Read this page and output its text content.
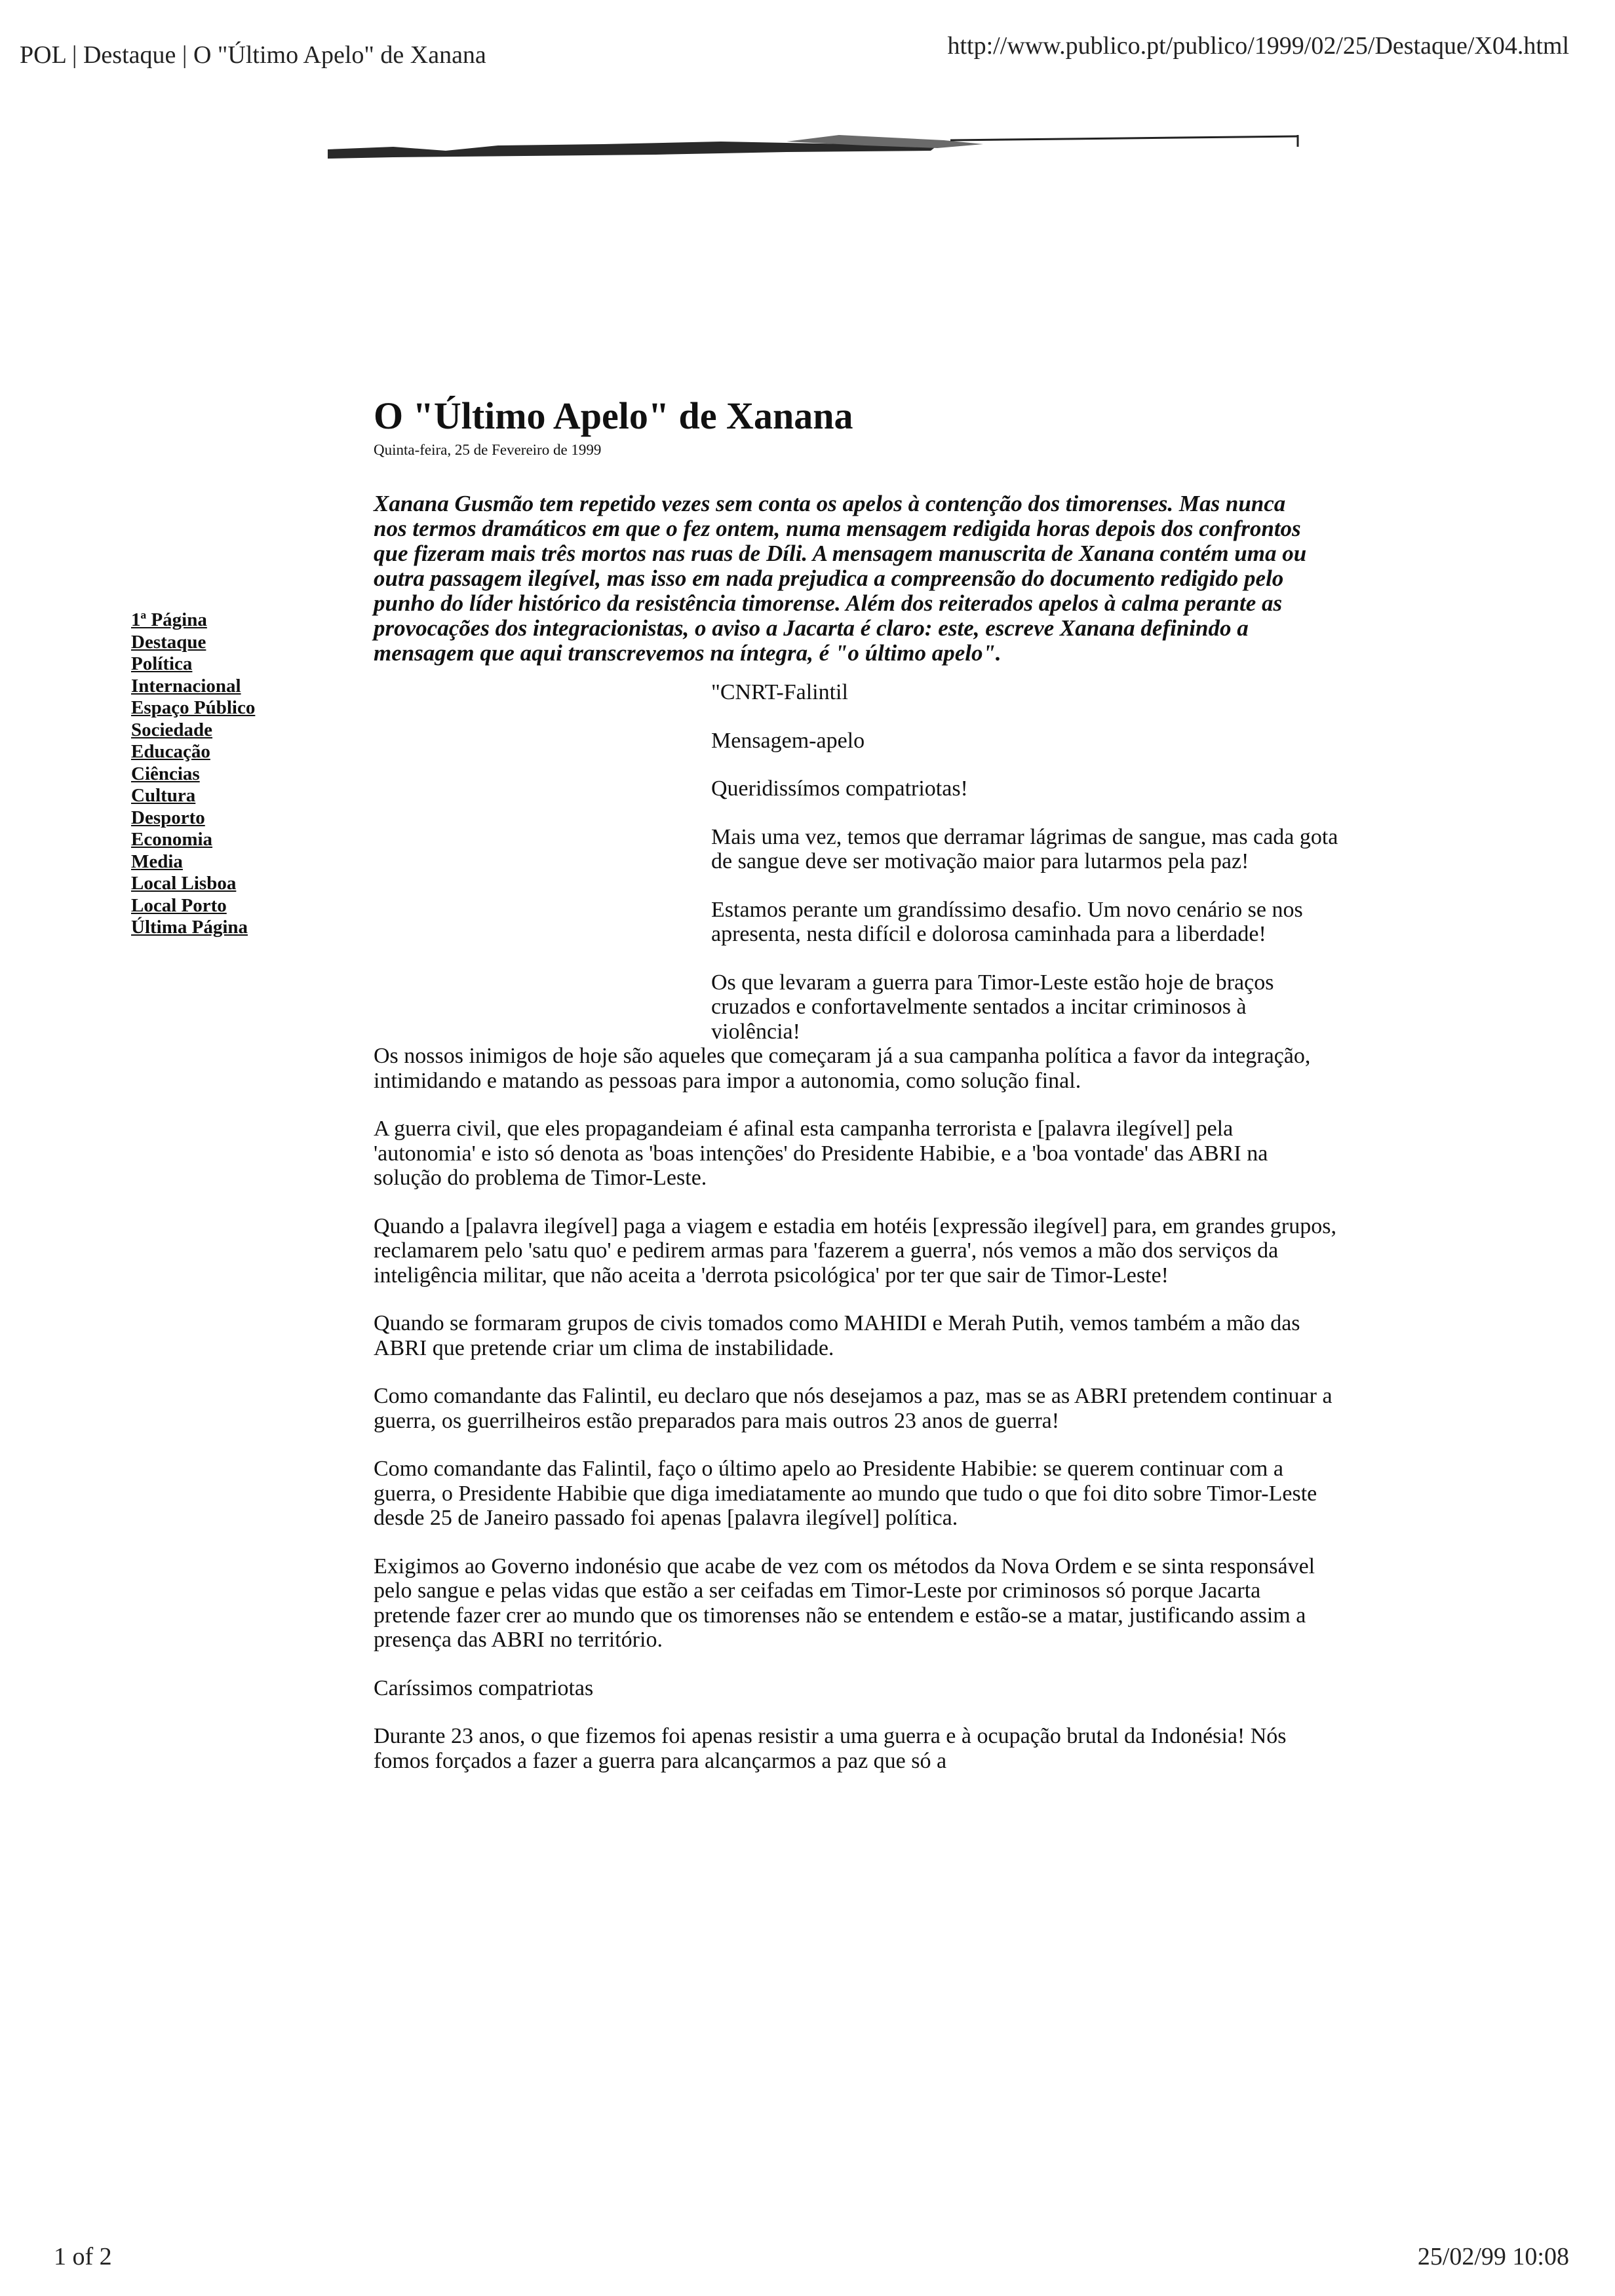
POL | Destaque | O "Último Apelo" de Xanana	http://www.publico.pt/publico/1999/02/25/Destaque/X04.html
1ª Página
Destaque
Política
Internacional
Espaço Público
Sociedade
Educação
Ciências
Cultura
Desporto
Economia
Media
Local Lisboa
Local Porto
Última Página
O "Último Apelo" de Xanana

Quinta-feira, 25 de Fevereiro de 1999

Xanana Gusmão tem repetido vezes sem conta os apelos à contenção dos timorenses. Mas nunca nos termos dramáticos em que o fez ontem, numa mensagem redigida horas depois dos confrontos que fizeram mais três mortos nas ruas de Díli. A mensagem manuscrita de Xanana contém uma ou outra passagem ilegível, mas isso em nada prejudica a compreensão do documento redigido pelo punho do líder histórico da resistência timorense. Além dos reiterados apelos à calma perante as provocações dos integracionistas, o aviso a Jacarta é claro: este, escreve Xanana definindo a mensagem que aqui transcrevemos na íntegra, é "o último apelo".

"CNRT-Falintil

Mensagem-apelo

Queridissímos compatriotas!

Mais uma vez, temos que derramar lágrimas de sangue, mas cada gota de sangue deve ser motivação maior para lutarmos pela paz!

Estamos perante um grandíssimo desafio. Um novo cenário se nos apresenta, nesta difícil e dolorosa caminhada para a liberdade!

Os que levaram a guerra para Timor-Leste estão hoje de braços cruzados e confortavelmente sentados a incitar criminosos à violência!

Os nossos inimigos de hoje são aqueles que começaram já a sua campanha política a favor da integração, intimidando e matando as pessoas para impor a autonomia, como solução final.

A guerra civil, que eles propagandeiam é afinal esta campanha terrorista e [palavra ilegível] pela 'autonomia' e isto só denota as 'boas intenções' do Presidente Habibie, e a 'boa vontade' das ABRI na solução do problema de Timor-Leste.

Quando a [palavra ilegível] paga a viagem e estadia em hotéis [expressão ilegível] para, em grandes grupos, reclamarem pelo 'satu quo' e pedirem armas para 'fazerem a guerra', nós vemos a mão dos serviços da inteligência militar, que não aceita a 'derrota psicológica' por ter que sair de Timor-Leste!

Quando se formaram grupos de civis tomados como MAHIDI e Merah Putih, vemos também a mão das ABRI que pretende criar um clima de instabilidade.

Como comandante das Falintil, eu declaro que nós desejamos a paz, mas se as ABRI pretendem continuar a guerra, os guerrilheiros estão preparados para mais outros 23 anos de guerra!

Como comandante das Falintil, faço o último apelo ao Presidente Habibie: se querem continuar com a guerra, o Presidente Habibie que diga imediatamente ao mundo que tudo o que foi dito sobre Timor-Leste desde 25 de Janeiro passado foi apenas [palavra ilegível] política.

Exigimos ao Governo indonésio que acabe de vez com os métodos da Nova Ordem e se sinta responsável pelo sangue e pelas vidas que estão a ser ceifadas em Timor-Leste por criminosos só porque Jacarta pretende fazer crer ao mundo que os timorenses não se entendem e estão-se a matar, justificando assim a presença das ABRI no território.

Caríssimos compatriotas

Durante 23 anos, o que fizemos foi apenas resistir a uma guerra e à ocupação brutal da Indonésia! Nós fomos forçados a fazer a guerra para alcançarmos a paz que só a

1 of 2	25/02/99 10:08
